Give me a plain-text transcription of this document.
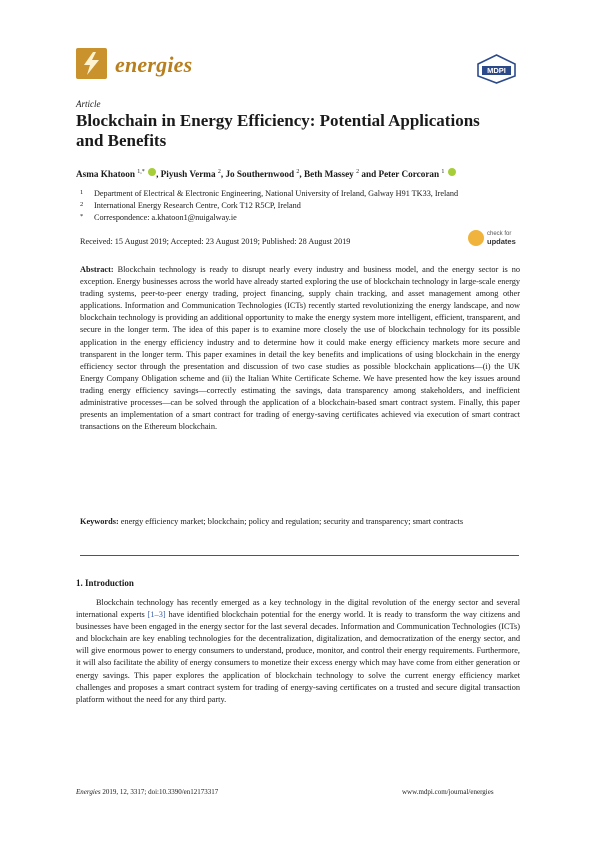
energies	MDPI
Article
Blockchain in Energy Efficiency: Potential Applications and Benefits
Asma Khatoon $^{1,*}$ , Piyush Verma $^2$, Jo Southernwood $^2$, Beth Massey $^2$ and Peter Corcoran $^1$
1 Department of Electrical & Electronic Engineering, National University of Ireland, Galway H91 TK33, Ireland
2 International Energy Research Centre, Cork T12 R5CP, Ireland
* Correspondence: a.khatoon1@nuigalway.ie
Received: 15 August 2019; Accepted: 23 August 2019; Published: 28 August 2019
check for
updates
Abstract: Blockchain technology is ready to disrupt nearly every industry and business model, and the energy sector is no exception. Energy businesses across the world have already started exploring the use of blockchain technology in large-scale energy trading systems, peer-to-peer energy trading, project financing, supply chain tracking, and asset management among other applications. Information and Communication Technologies (ICTs) recently started revolutionizing the energy landscape, and now blockchain technology is providing an additional opportunity to make the energy system more intelligent, efficient, transparent, and secure in the longer term. The idea of this paper is to examine more closely the use of blockchain technology for its possible application in the energy efficiency industry and to determine how it could make energy efficiency markets more secure and transparent in the longer term. This paper examines in detail the key benefits and implications of using blockchain in the energy efficiency sector through the presentation and discussion of two case studies as possible blockchain applications—(i) the UK Energy Company Obligation scheme and (ii) the Italian White Certificate Scheme. We have presented how the key issues around trading energy efficiency savings—correctly estimating the savings, data transparency among stakeholders, and inefficient administrative processes—can be solved through the application of a blockchain-based smart contract system. Finally, this paper presents an implementation of a smart contract for trading of energy-saving certificates achieved via execution of smart contract transactions on the Ethereum blockchain.
Keywords: energy efficiency market; blockchain; policy and regulation; security and transparency; smart contracts
1. Introduction
Blockchain technology has recently emerged as a key technology in the digital revolution of the energy sector and several international experts [1–3] have identified blockchain potential for the energy world. It is ready to transform the way citizens and businesses have been engaged in the energy sector for the last several decades. Information and Communication Technologies (ICTs) and blockchain are key enabling technologies for the decentralization, digitalization, and democratization of the energy sector, and will give enormous power to energy consumers to understand, produce, monitor, and control their energy requirements. Furthermore, it will also facilitate the ability of energy consumers to monetize their excess energy which may have come from either generation or energy savings. This paper explores the application of blockchain technology to solve the current energy efficiency market challenges and proposes a smart contract system for trading of energy-saving certificates on a trusted and secure digital transaction platform without the need for any third party.
Energies 2019, 12, 3317; doi:10.3390/en12173317	www.mdpi.com/journal/energies
